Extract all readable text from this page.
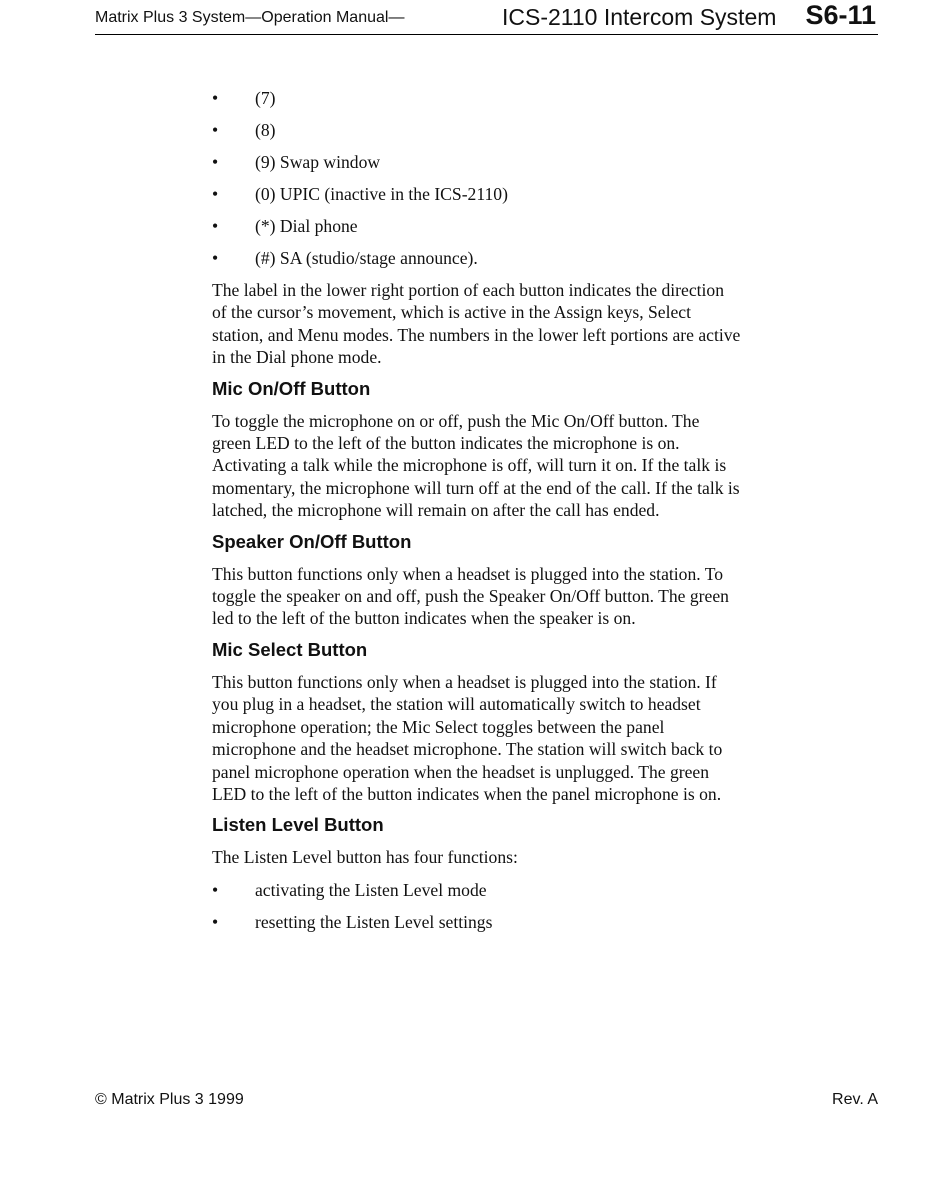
Matrix Plus 3 System—Operation Manual—	ICS-2110 Intercom System S6-11
• (7)
• (8)
• (9) Swap window
• (0) UPIC (inactive in the ICS-2110)
• (*) Dial phone
• (#) SA (studio/stage announce).

The label in the lower right portion of each button indicates the direction of the cursor’s movement, which is active in the Assign keys, Select station, and Menu modes. The numbers in the lower left portions are active in the Dial phone mode.

Mic On/Off Button

To toggle the microphone on or off, push the Mic On/Off button. The green LED to the left of the button indicates the microphone is on. Activating a talk while the microphone is off, will turn it on. If the talk is momentary, the microphone will turn off at the end of the call. If the talk is latched, the microphone will remain on after the call has ended.

Speaker On/Off Button

This button functions only when a headset is plugged into the station. To toggle the speaker on and off, push the Speaker On/Off button. The green led to the left of the button indicates when the speaker is on.

Mic Select Button

This button functions only when a headset is plugged into the station. If you plug in a headset, the station will automatically switch to headset microphone operation; the Mic Select toggles between the panel microphone and the headset microphone. The station will switch back to panel microphone operation when the headset is unplugged. The green LED to the left of the button indicates when the panel microphone is on.

Listen Level Button

The Listen Level button has four functions:

• activating the Listen Level mode
• resetting the Listen Level settings
© Matrix Plus 3 1999	Rev. A
